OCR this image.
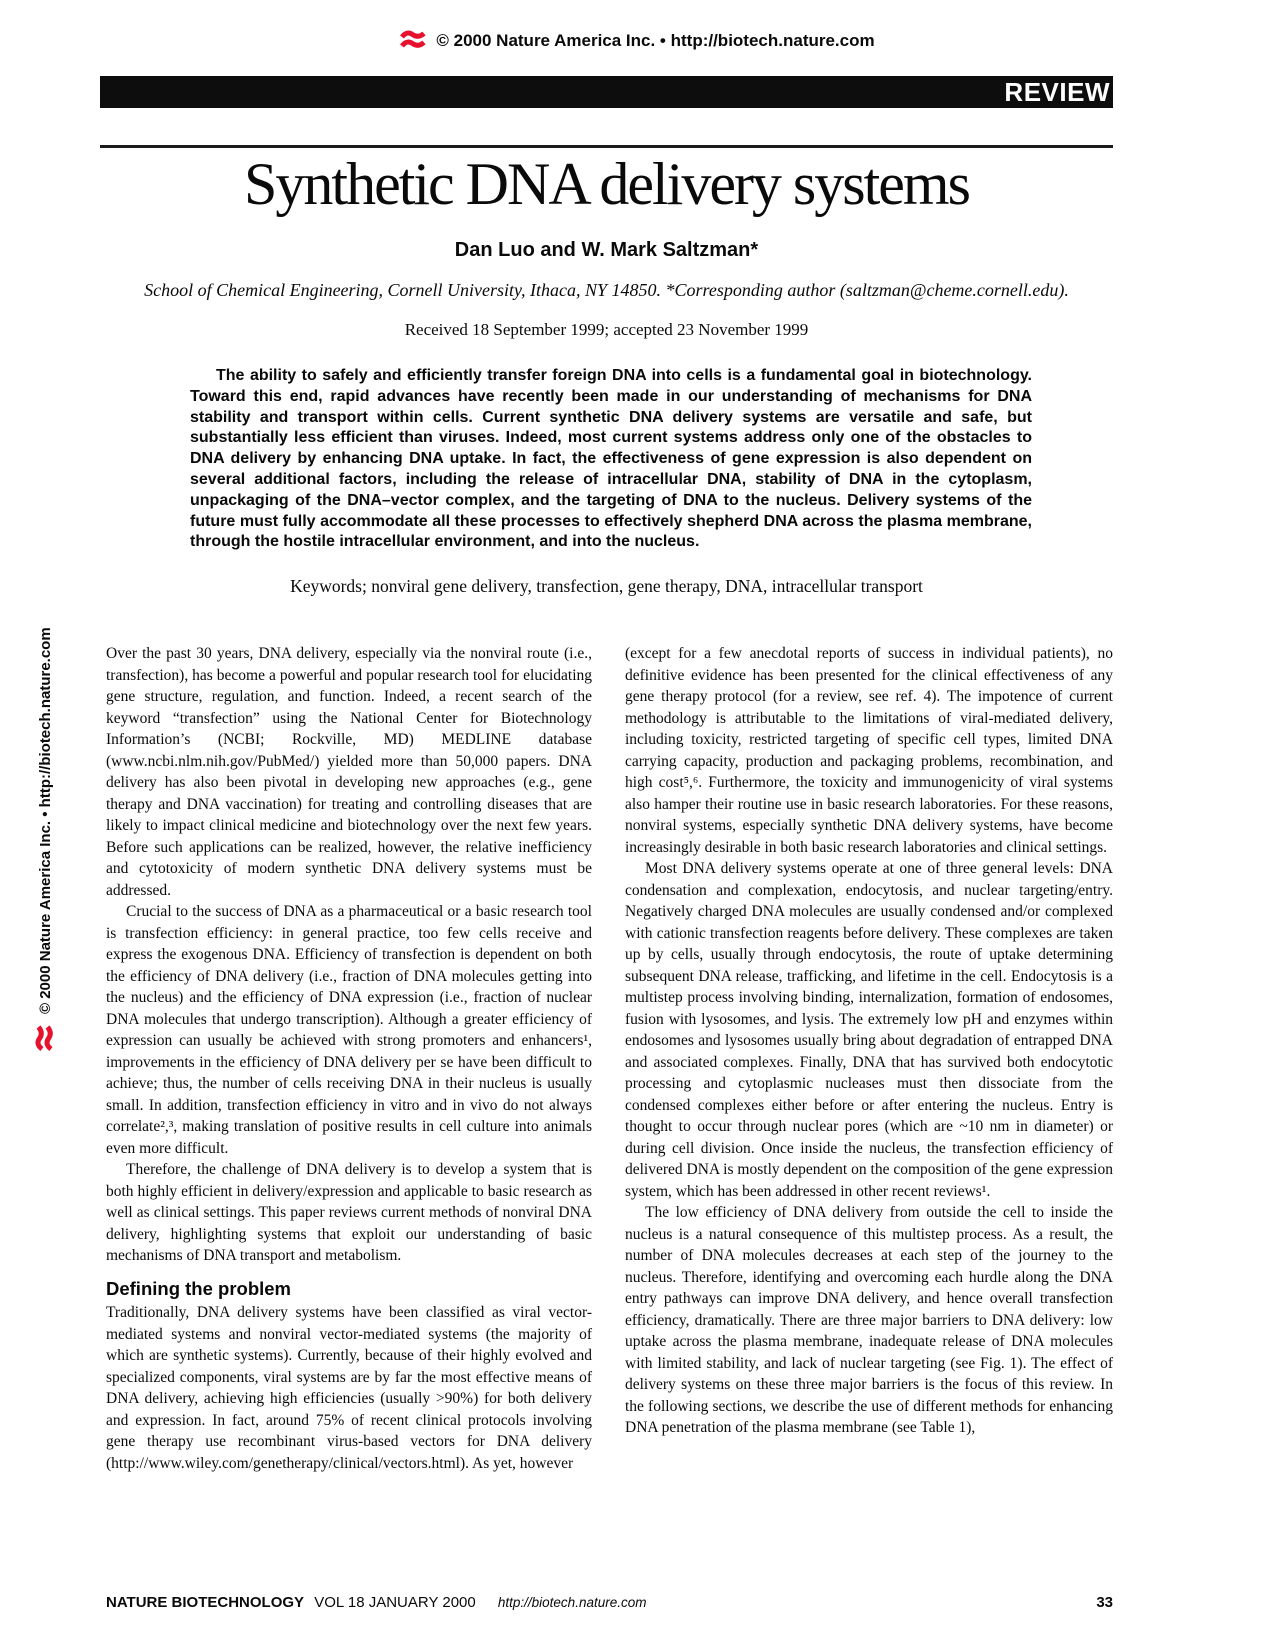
© 2000 Nature America Inc. • http://biotech.nature.com
REVIEW
Synthetic DNA delivery systems
Dan Luo and W. Mark Saltzman*
School of Chemical Engineering, Cornell University, Ithaca, NY 14850. *Corresponding author (saltzman@cheme.cornell.edu).
Received 18 September 1999; accepted 23 November 1999
The ability to safely and efficiently transfer foreign DNA into cells is a fundamental goal in biotechnology. Toward this end, rapid advances have recently been made in our understanding of mechanisms for DNA stability and transport within cells. Current synthetic DNA delivery systems are versatile and safe, but substantially less efficient than viruses. Indeed, most current systems address only one of the obstacles to DNA delivery by enhancing DNA uptake. In fact, the effectiveness of gene expression is also dependent on several additional factors, including the release of intracellular DNA, stability of DNA in the cytoplasm, unpackaging of the DNA–vector complex, and the targeting of DNA to the nucleus. Delivery systems of the future must fully accommodate all these processes to effectively shepherd DNA across the plasma membrane, through the hostile intracellular environment, and into the nucleus.
Keywords; nonviral gene delivery, transfection, gene therapy, DNA, intracellular transport

Over the past 30 years, DNA delivery, especially via the nonviral route (i.e., transfection), has become a powerful and popular research tool for elucidating gene structure, regulation, and function. Indeed, a recent search of the keyword “transfection” using the National Center for Biotechnology Information’s (NCBI; Rockville, MD) MEDLINE database (www.ncbi.nlm.nih.gov/PubMed/) yielded more than 50,000 papers. DNA delivery has also been pivotal in developing new approaches (e.g., gene therapy and DNA vaccination) for treating and controlling diseases that are likely to impact clinical medicine and biotechnology over the next few years. Before such applications can be realized, however, the relative inefficiency and cytotoxicity of modern synthetic DNA delivery systems must be addressed.

Crucial to the success of DNA as a pharmaceutical or a basic research tool is transfection efficiency: in general practice, too few cells receive and express the exogenous DNA. Efficiency of transfection is dependent on both the efficiency of DNA delivery (i.e., fraction of DNA molecules getting into the nucleus) and the efficiency of DNA expression (i.e., fraction of nuclear DNA molecules that undergo transcription). Although a greater efficiency of expression can usually be achieved with strong promoters and enhancers¹, improvements in the efficiency of DNA delivery per se have been difficult to achieve; thus, the number of cells receiving DNA in their nucleus is usually small. In addition, transfection efficiency in vitro and in vivo do not always correlate²,³, making translation of positive results in cell culture into animals even more difficult.

Therefore, the challenge of DNA delivery is to develop a system that is both highly efficient in delivery/expression and applicable to basic research as well as clinical settings. This paper reviews current methods of nonviral DNA delivery, highlighting systems that exploit our understanding of basic mechanisms of DNA transport and metabolism.

Defining the problem

Traditionally, DNA delivery systems have been classified as viral vector-mediated systems and nonviral vector-mediated systems (the majority of which are synthetic systems). Currently, because of their highly evolved and specialized components, viral systems are by far the most effective means of DNA delivery, achieving high efficiencies (usually >90%) for both delivery and expression. In fact, around 75% of recent clinical protocols involving gene therapy use recombinant virus-based vectors for DNA delivery (http://www.wiley.com/genetherapy/clinical/vectors.html). As yet, however

(except for a few anecdotal reports of success in individual patients), no definitive evidence has been presented for the clinical effectiveness of any gene therapy protocol (for a review, see ref. 4). The impotence of current methodology is attributable to the limitations of viral-mediated delivery, including toxicity, restricted targeting of specific cell types, limited DNA carrying capacity, production and packaging problems, recombination, and high cost⁵,⁶. Furthermore, the toxicity and immunogenicity of viral systems also hamper their routine use in basic research laboratories. For these reasons, nonviral systems, especially synthetic DNA delivery systems, have become increasingly desirable in both basic research laboratories and clinical settings.

Most DNA delivery systems operate at one of three general levels: DNA condensation and complexation, endocytosis, and nuclear targeting/entry. Negatively charged DNA molecules are usually condensed and/or complexed with cationic transfection reagents before delivery. These complexes are taken up by cells, usually through endocytosis, the route of uptake determining subsequent DNA release, trafficking, and lifetime in the cell. Endocytosis is a multistep process involving binding, internalization, formation of endosomes, fusion with lysosomes, and lysis. The extremely low pH and enzymes within endosomes and lysosomes usually bring about degradation of entrapped DNA and associated complexes. Finally, DNA that has survived both endocytotic processing and cytoplasmic nucleases must then dissociate from the condensed complexes either before or after entering the nucleus. Entry is thought to occur through nuclear pores (which are ~10 nm in diameter) or during cell division. Once inside the nucleus, the transfection efficiency of delivered DNA is mostly dependent on the composition of the gene expression system, which has been addressed in other recent reviews¹.

The low efficiency of DNA delivery from outside the cell to inside the nucleus is a natural consequence of this multistep process. As a result, the number of DNA molecules decreases at each step of the journey to the nucleus. Therefore, identifying and overcoming each hurdle along the DNA entry pathways can improve DNA delivery, and hence overall transfection efficiency, dramatically. There are three major barriers to DNA delivery: low uptake across the plasma membrane, inadequate release of DNA molecules with limited stability, and lack of nuclear targeting (see Fig. 1). The effect of delivery systems on these three major barriers is the focus of this review. In the following sections, we describe the use of different methods for enhancing DNA penetration of the plasma membrane (see Table 1),

© 2000 Nature America Inc. • http://biotech.nature.com
NATURE BIOTECHNOLOGY VOL 18 JANUARY 2000 http://biotech.nature.com	33
